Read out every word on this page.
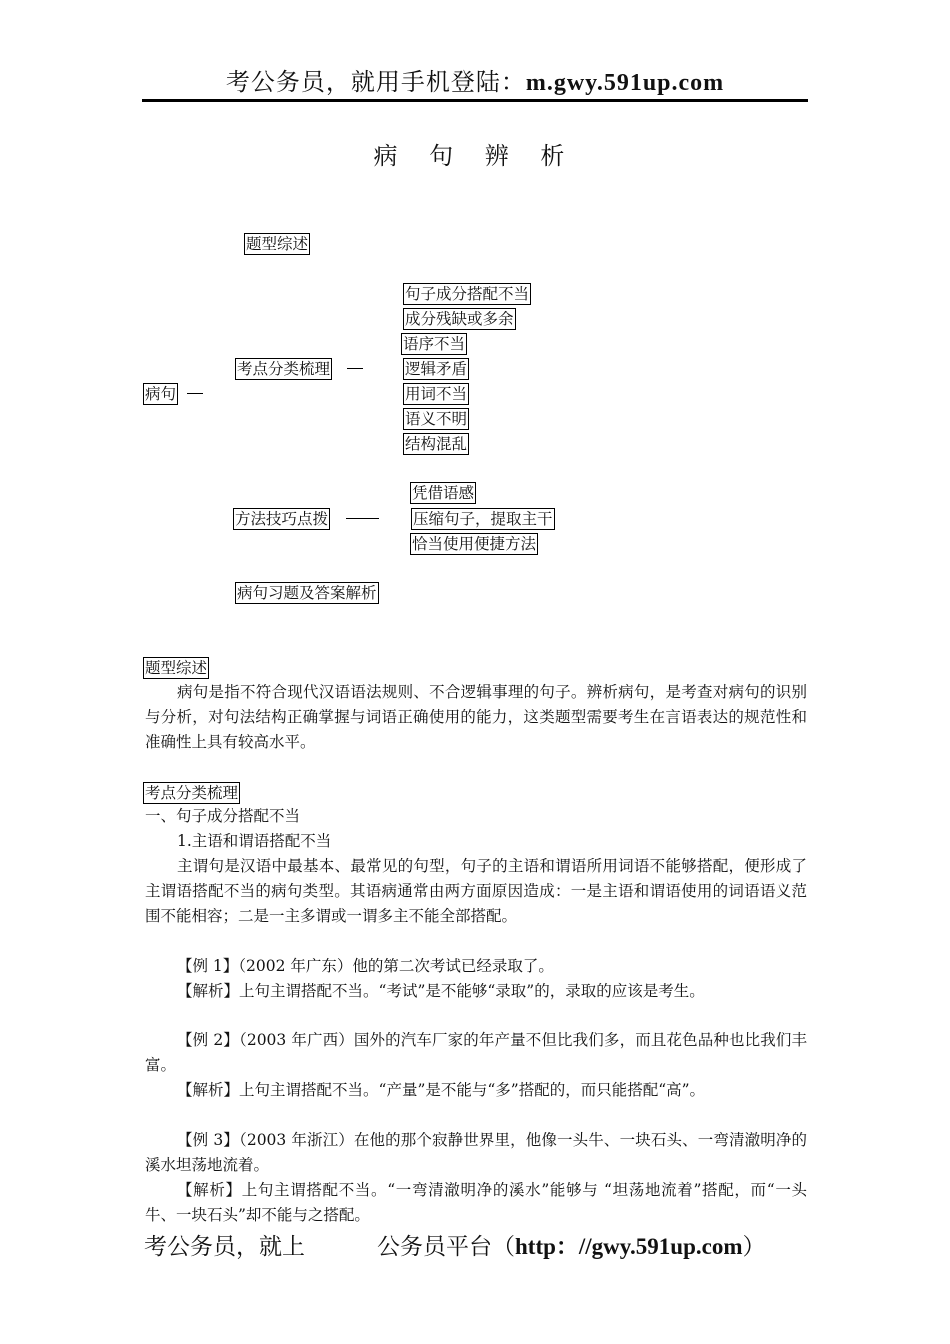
考公务员，就用手机登陆：m.gwy.591up.com
病 句 辨 析
题型综述
病句
考点分类梳理
句子成分搭配不当
成分残缺或多余
语序不当
逻辑矛盾
用词不当
语义不明
结构混乱
方法技巧点拨
凭借语感
压缩句子，提取主干
恰当使用便捷方法
病句习题及答案解析
题型综述
病句是指不符合现代汉语语法规则、不合逻辑事理的句子。辨析病句，是考查对病句的识别与分析，对句法结构正确掌握与词语正确使用的能力，这类题型需要考生在言语表达的规范性和准确性上具有较高水平。
考点分类梳理
一、句子成分搭配不当
1.主语和谓语搭配不当
主谓句是汉语中最基本、最常见的句型，句子的主语和谓语所用词语不能够搭配，便形成了主谓语搭配不当的病句类型。其语病通常由两方面原因造成：一是主语和谓语使用的词语语义范围不能相容；二是一主多谓或一谓多主不能全部搭配。
【例 1】（2002 年广东）他的第二次考试已经录取了。
【解析】上句主谓搭配不当。“考试”是不能够“录取”的，录取的应该是考生。
【例 2】（2003 年广西）国外的汽车厂家的年产量不但比我们多，而且花色品种也比我们丰富。
【解析】上句主谓搭配不当。“产量”是不能与“多”搭配的，而只能搭配“高”。
【例 3】（2003 年浙江）在他的那个寂静世界里，他像一头牛、一块石头、一弯清澈明净的溪水坦荡地流着。
【解析】上句主谓搭配不当。“一弯清澈明净的溪水”能够与 “坦荡地流着”搭配，而“一头牛、一块石头”却不能与之搭配。
考公务员，就上	公务员平台（http：//gwy.591up.com）
